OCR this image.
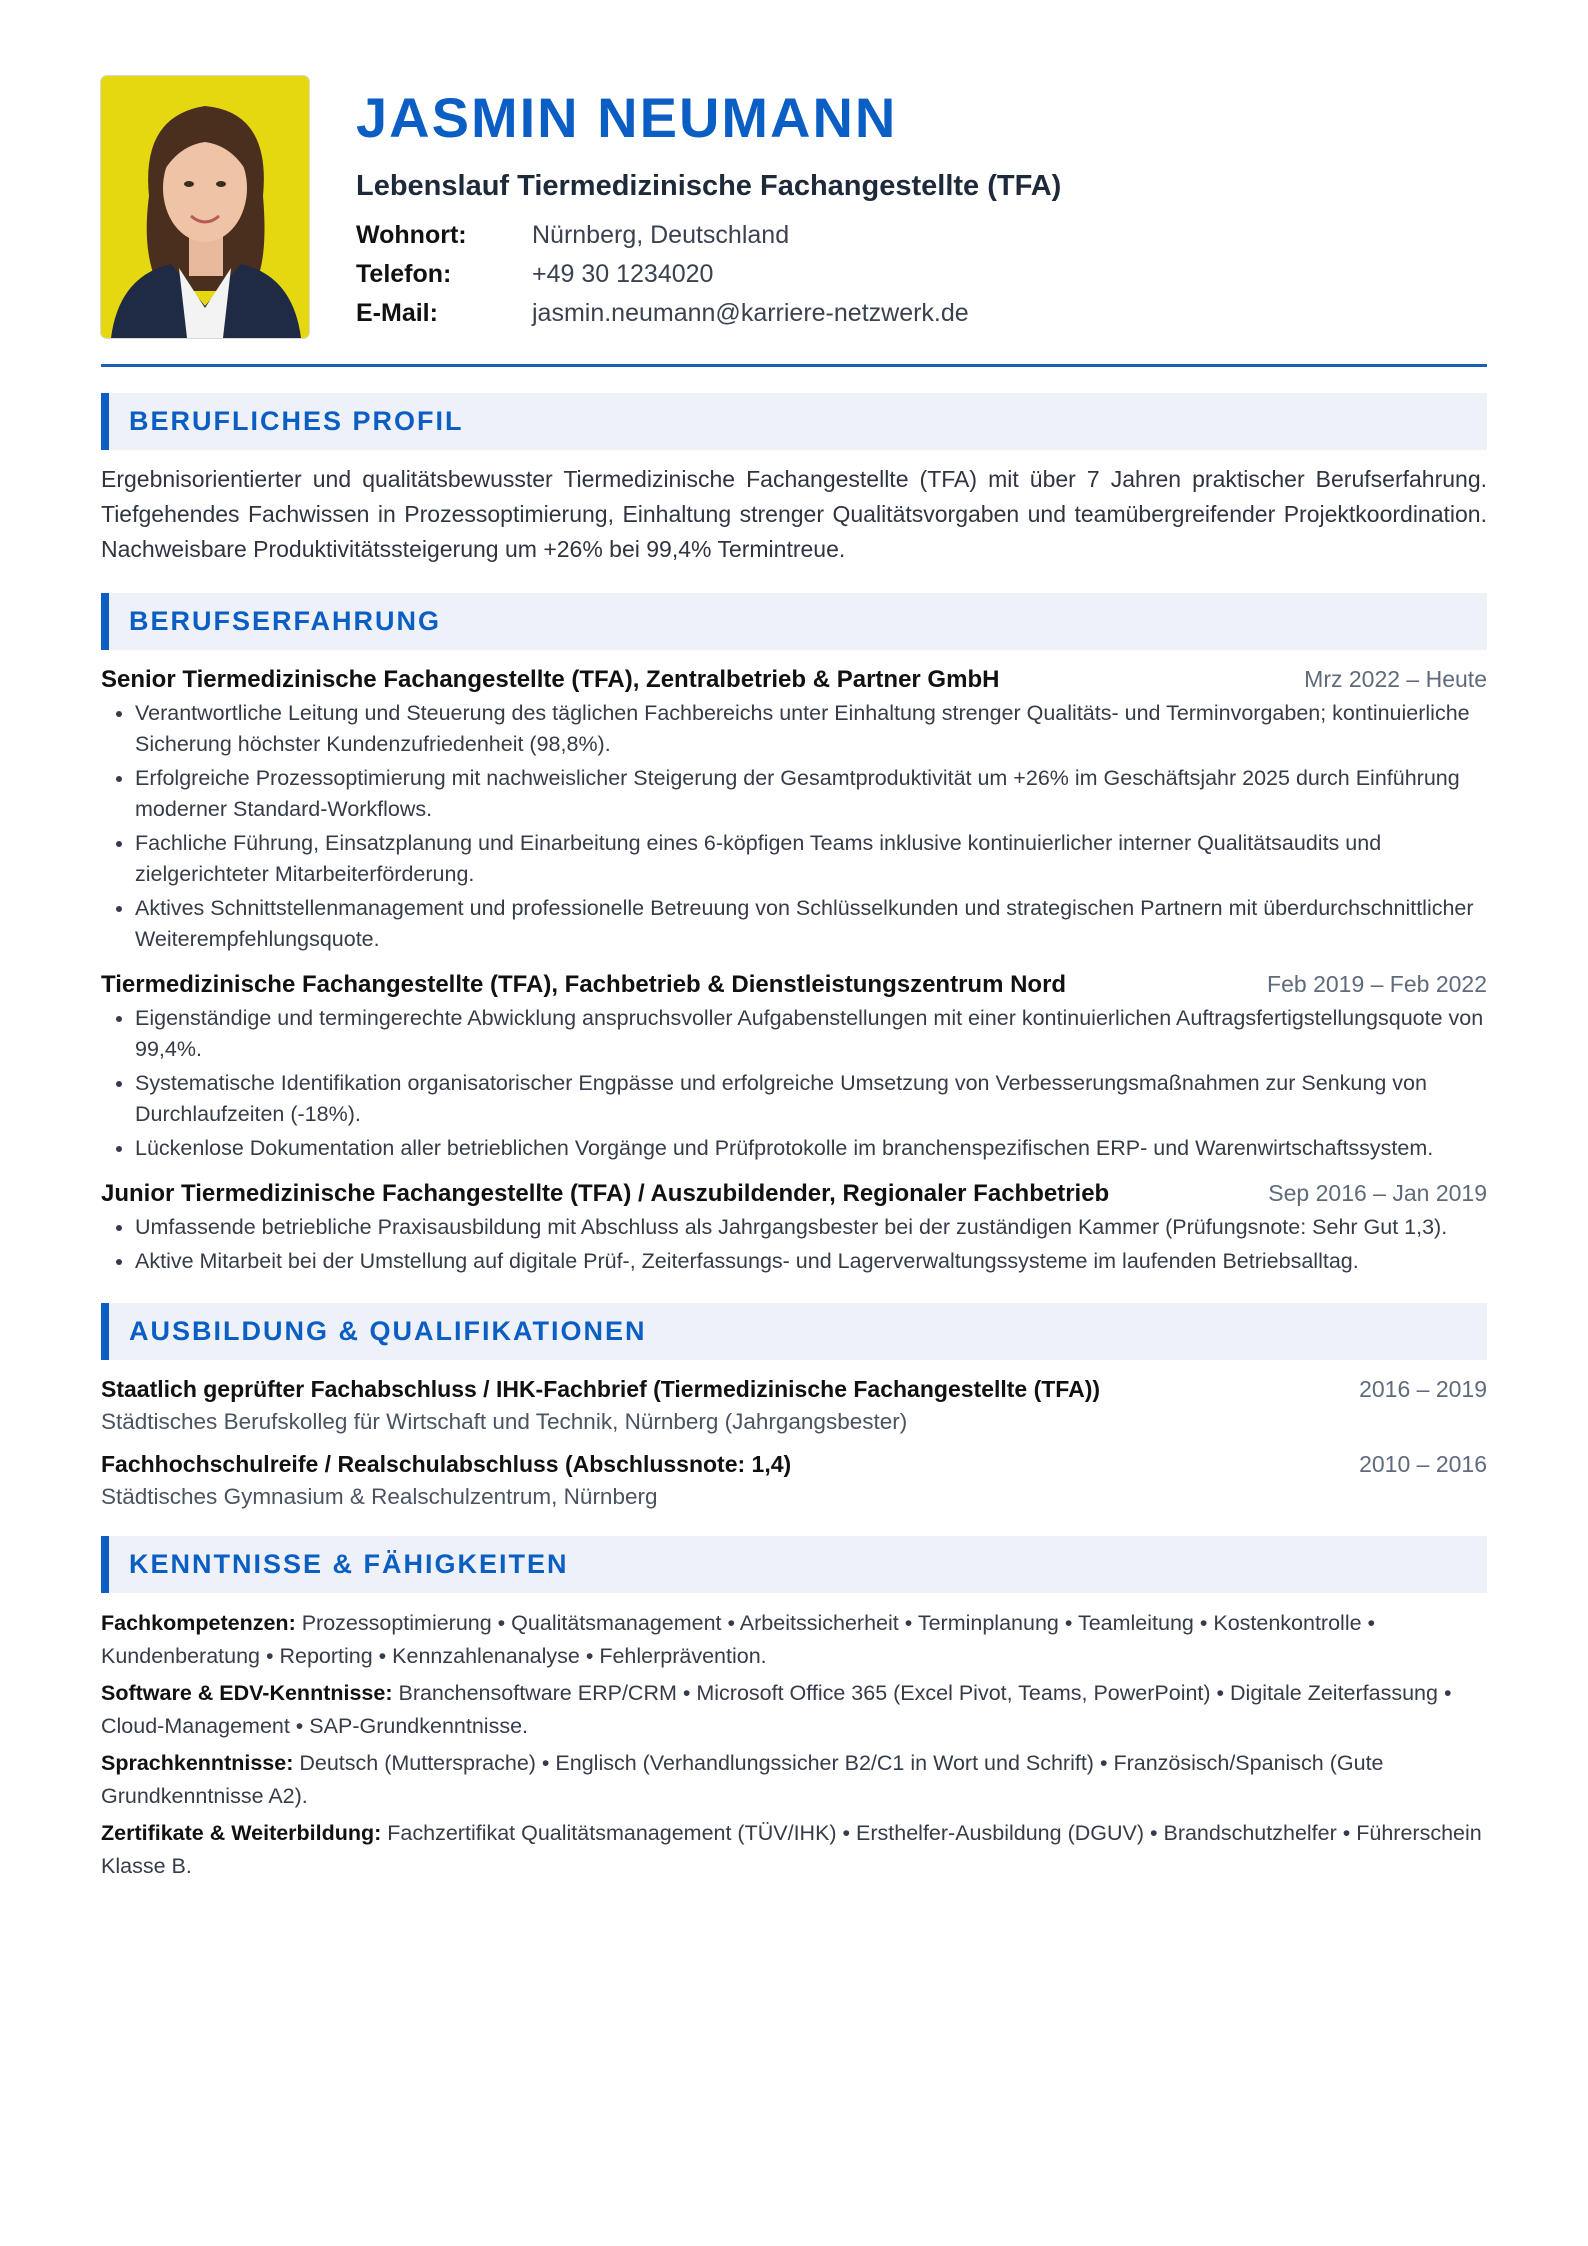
JASMIN NEUMANN
Lebenslauf Tiermedizinische Fachangestellte (TFA)
Wohnort:	Nürnberg, Deutschland
Telefon:	+49 30 1234020
E-Mail:	jasmin.neumann@karriere-netzwerk.de
BERUFLICHES PROFIL
Ergebnisorientierter und qualitätsbewusster Tiermedizinische Fachangestellte (TFA) mit über 7 Jahren praktischer Berufserfahrung. Tiefgehendes Fachwissen in Prozessoptimierung, Einhaltung strenger Qualitätsvorgaben und teamübergreifender Projektkoordination. Nachweisbare Produktivitätssteigerung um +26% bei 99,4% Termintreue.
BERUFSERFAHRUNG
Senior Tiermedizinische Fachangestellte (TFA), Zentralbetrieb & Partner GmbH	Mrz 2022 – Heute
• Verantwortliche Leitung und Steuerung des täglichen Fachbereichs unter Einhaltung strenger Qualitäts- und Terminvorgaben; kontinuierliche Sicherung höchster Kundenzufriedenheit (98,8%).
• Erfolgreiche Prozessoptimierung mit nachweislicher Steigerung der Gesamtproduktivität um +26% im Geschäftsjahr 2025 durch Einführung moderner Standard-Workflows.
• Fachliche Führung, Einsatzplanung und Einarbeitung eines 6-köpfigen Teams inklusive kontinuierlicher interner Qualitätsaudits und zielgerichteter Mitarbeiterförderung.
• Aktives Schnittstellenmanagement und professionelle Betreuung von Schlüsselkunden und strategischen Partnern mit überdurchschnittlicher Weiterempfehlungsquote.
Tiermedizinische Fachangestellte (TFA), Fachbetrieb & Dienstleistungszentrum Nord	Feb 2019 – Feb 2022
• Eigenständige und termingerechte Abwicklung anspruchsvoller Aufgabenstellungen mit einer kontinuierlichen Auftragsfertigstellungsquote von 99,4%.
• Systematische Identifikation organisatorischer Engpässe und erfolgreiche Umsetzung von Verbesserungsmaßnahmen zur Senkung von Durchlaufzeiten (-18%).
• Lückenlose Dokumentation aller betrieblichen Vorgänge und Prüfprotokolle im branchenspezifischen ERP- und Warenwirtschaftssystem.
Junior Tiermedizinische Fachangestellte (TFA) / Auszubildender, Regionaler Fachbetrieb	Sep 2016 – Jan 2019
• Umfassende betriebliche Praxisausbildung mit Abschluss als Jahrgangsbester bei der zuständigen Kammer (Prüfungsnote: Sehr Gut 1,3).
• Aktive Mitarbeit bei der Umstellung auf digitale Prüf-, Zeiterfassungs- und Lagerverwaltungssysteme im laufenden Betriebsalltag.
AUSBILDUNG & QUALIFIKATIONEN
Staatlich geprüfter Fachabschluss / IHK-Fachbrief (Tiermedizinische Fachangestellte (TFA))	2016 – 2019
Städtisches Berufskolleg für Wirtschaft und Technik, Nürnberg (Jahrgangsbester)
Fachhochschulreife / Realschulabschluss (Abschlussnote: 1,4)	2010 – 2016
Städtisches Gymnasium & Realschulzentrum, Nürnberg
KENNTNISSE & FÄHIGKEITEN
Fachkompetenzen: Prozessoptimierung • Qualitätsmanagement • Arbeitssicherheit • Terminplanung • Teamleitung • Kostenkontrolle • Kundenberatung • Reporting • Kennzahlenanalyse • Fehlerprävention.
Software & EDV-Kenntnisse: Branchensoftware ERP/CRM • Microsoft Office 365 (Excel Pivot, Teams, PowerPoint) • Digitale Zeiterfassung • Cloud-Management • SAP-Grundkenntnisse.
Sprachkenntnisse: Deutsch (Muttersprache) • Englisch (Verhandlungssicher B2/C1 in Wort und Schrift) • Französisch/Spanisch (Gute Grundkenntnisse A2).
Zertifikate & Weiterbildung: Fachzertifikat Qualitätsmanagement (TÜV/IHK) • Ersthelfer-Ausbildung (DGUV) • Brandschutzhelfer • Führerschein Klasse B.
